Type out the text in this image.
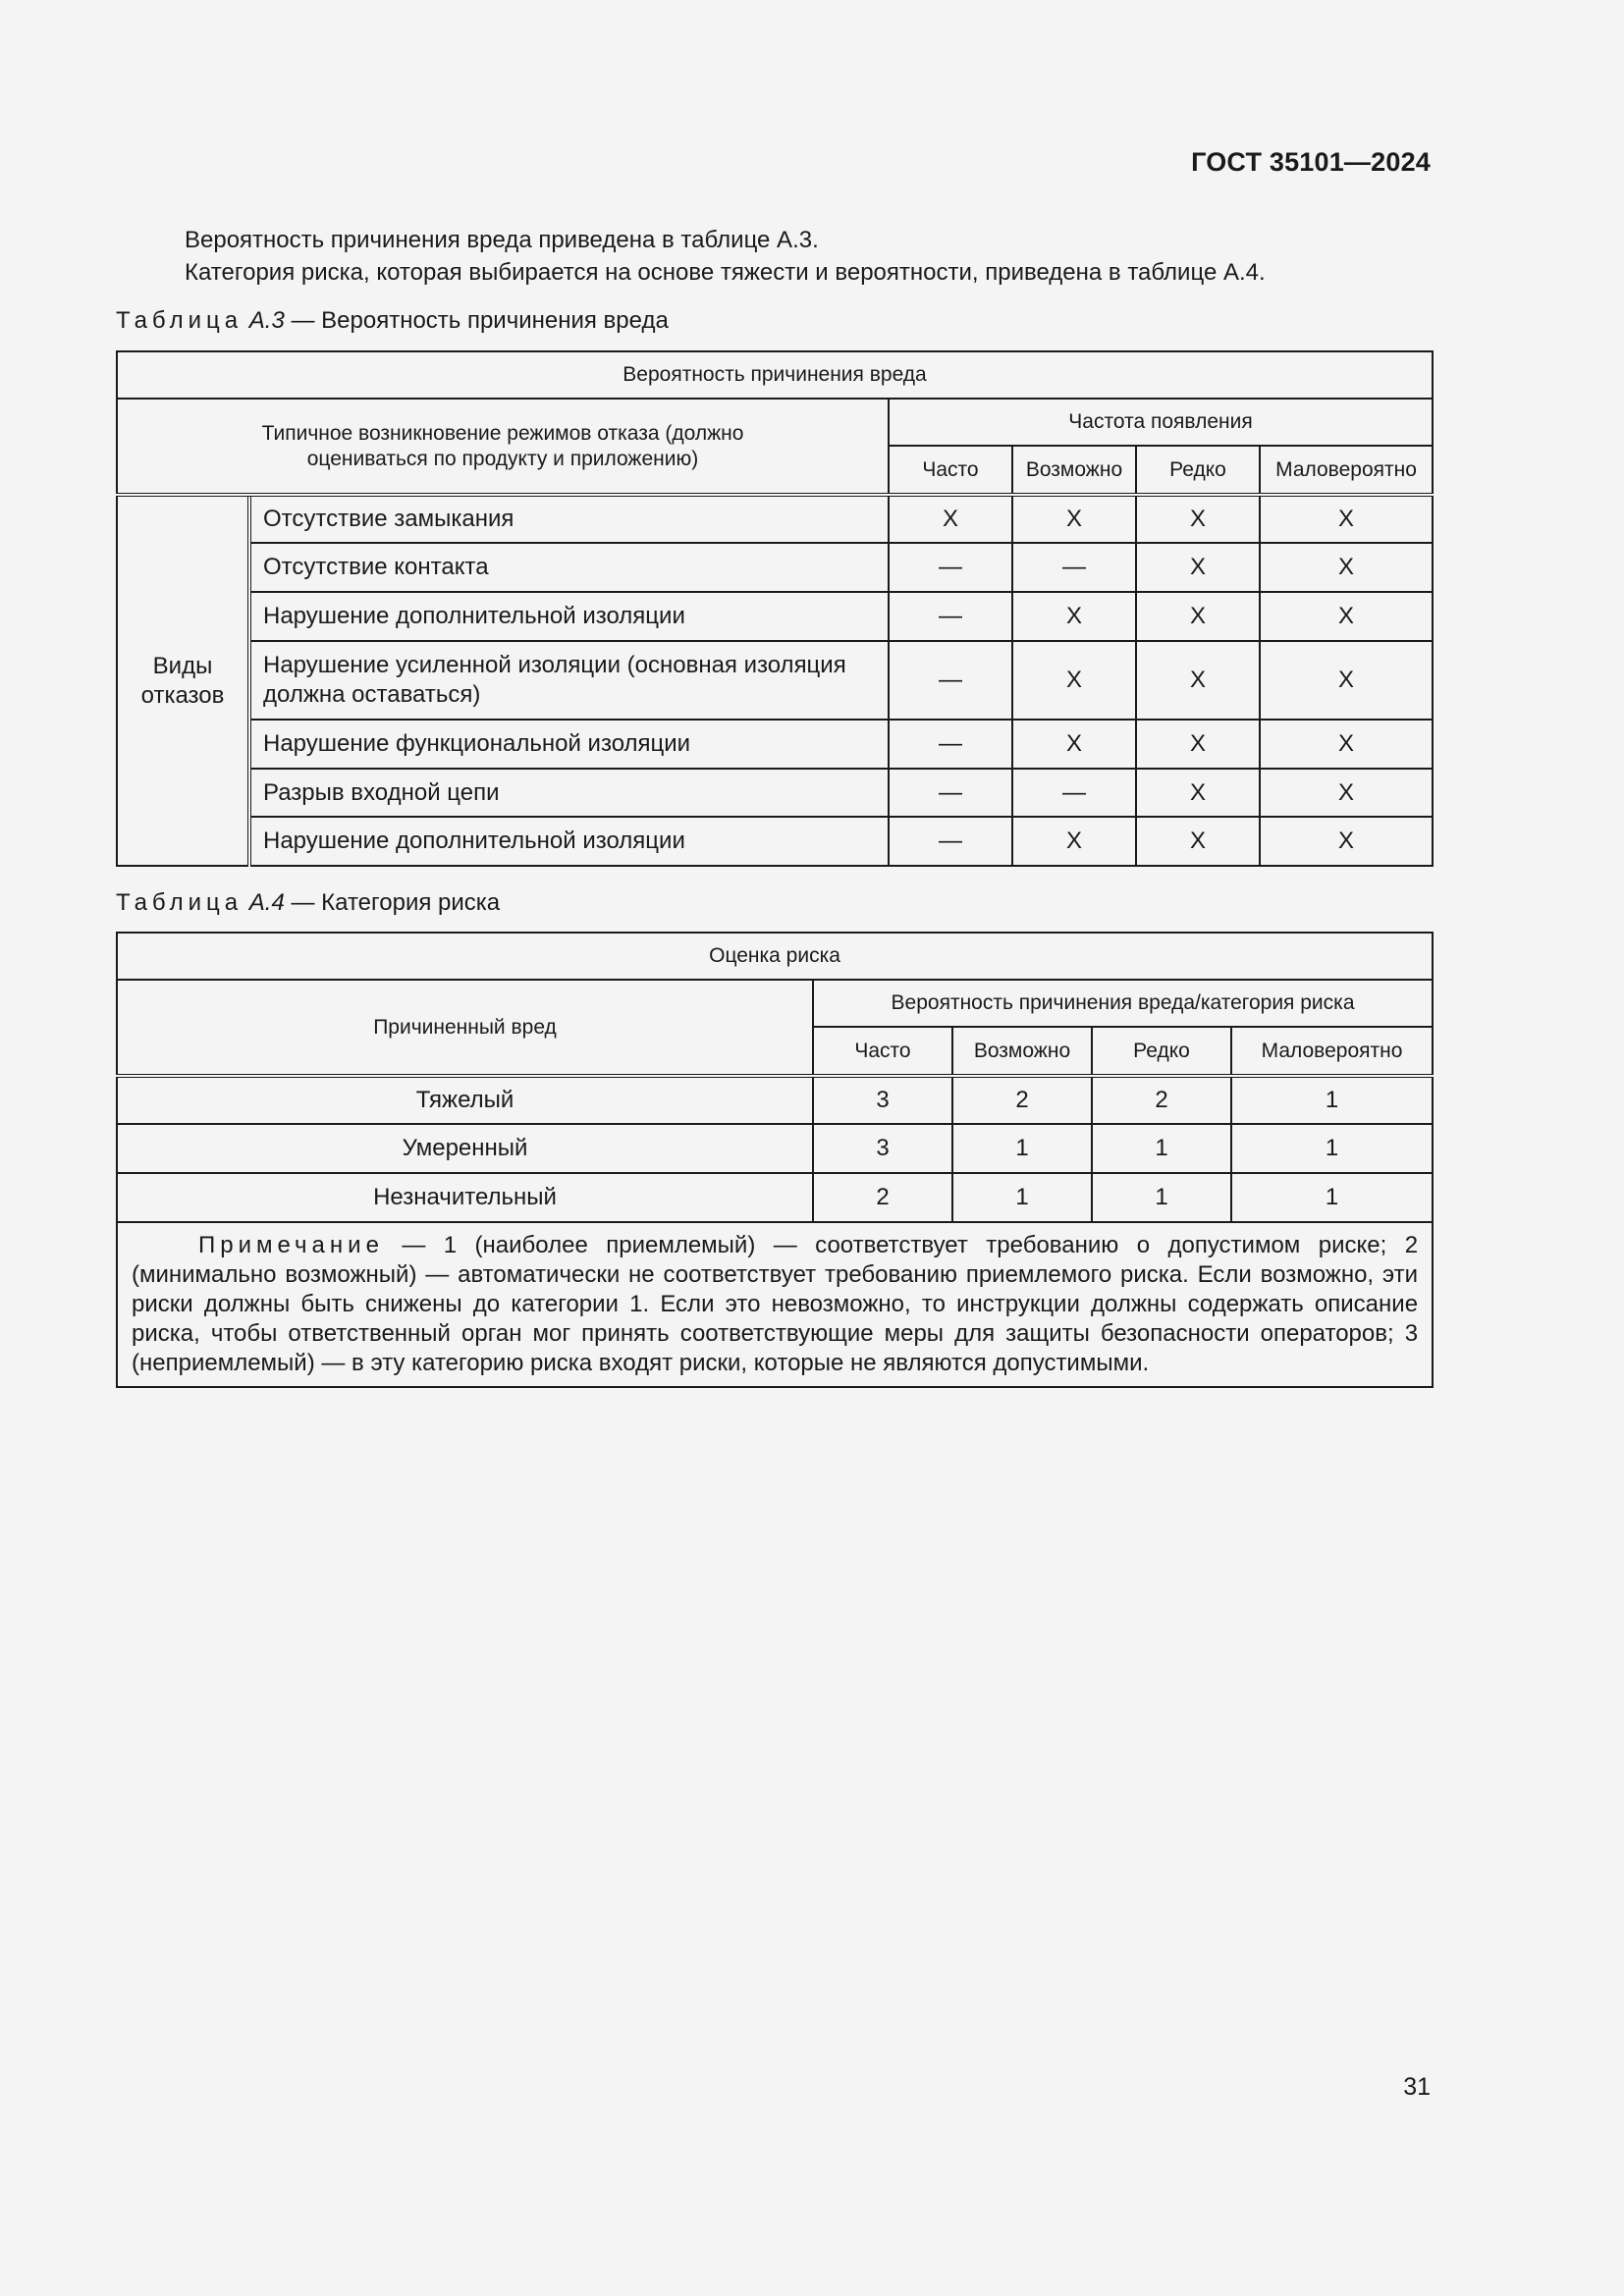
ГОСТ 35101—2024
Вероятность причинения вреда приведена в таблице А.3.
Категория риска, которая выбирается на основе тяжести и вероятности, приведена в таблице А.4.
Таблица А.3 — Вероятность причинения вреда
Вероятность причинения вреда					
Типичное возникновение режимов отказа (должно оцениваться по продукту и приложению)		Частота появления			
		Часто	Возможно	Редко	Маловероятно
Виды отказов	Отсутствие замыкания	X	X	X	X
	Отсутствие контакта	—	—	X	X
	Нарушение дополнительной изоляции	—	X	X	X
	Нарушение усиленной изоляции (основная изоляция должна оставаться)	—	X	X	X
	Нарушение функциональной изоляции	—	X	X	X
	Разрыв входной цепи	—	—	X	X
	Нарушение дополнительной изоляции	—	X	X	X
Таблица А.4 — Категория риска
Оценка риска				
Причиненный вред	Вероятность причинения вреда/категория риска			
	Часто	Возможно	Редко	Маловероятно
Тяжелый	3	2	2	1
Умеренный	3	1	1	1
Незначительный	2	1	1	1
Примечание — 1 (наиболее приемлемый) — соответствует требованию о допустимом риске; 2 (минимально возможный) — автоматически не соответствует требованию приемлемого риска. Если возможно, эти риски должны быть снижены до категории 1. Если это невозможно, то инструкции должны содержать описание риска, чтобы ответственный орган мог принять соответствующие меры для защиты безопасности операторов; 3 (неприемлемый) — в эту категорию риска входят риски, которые не являются допустимыми.				
31
